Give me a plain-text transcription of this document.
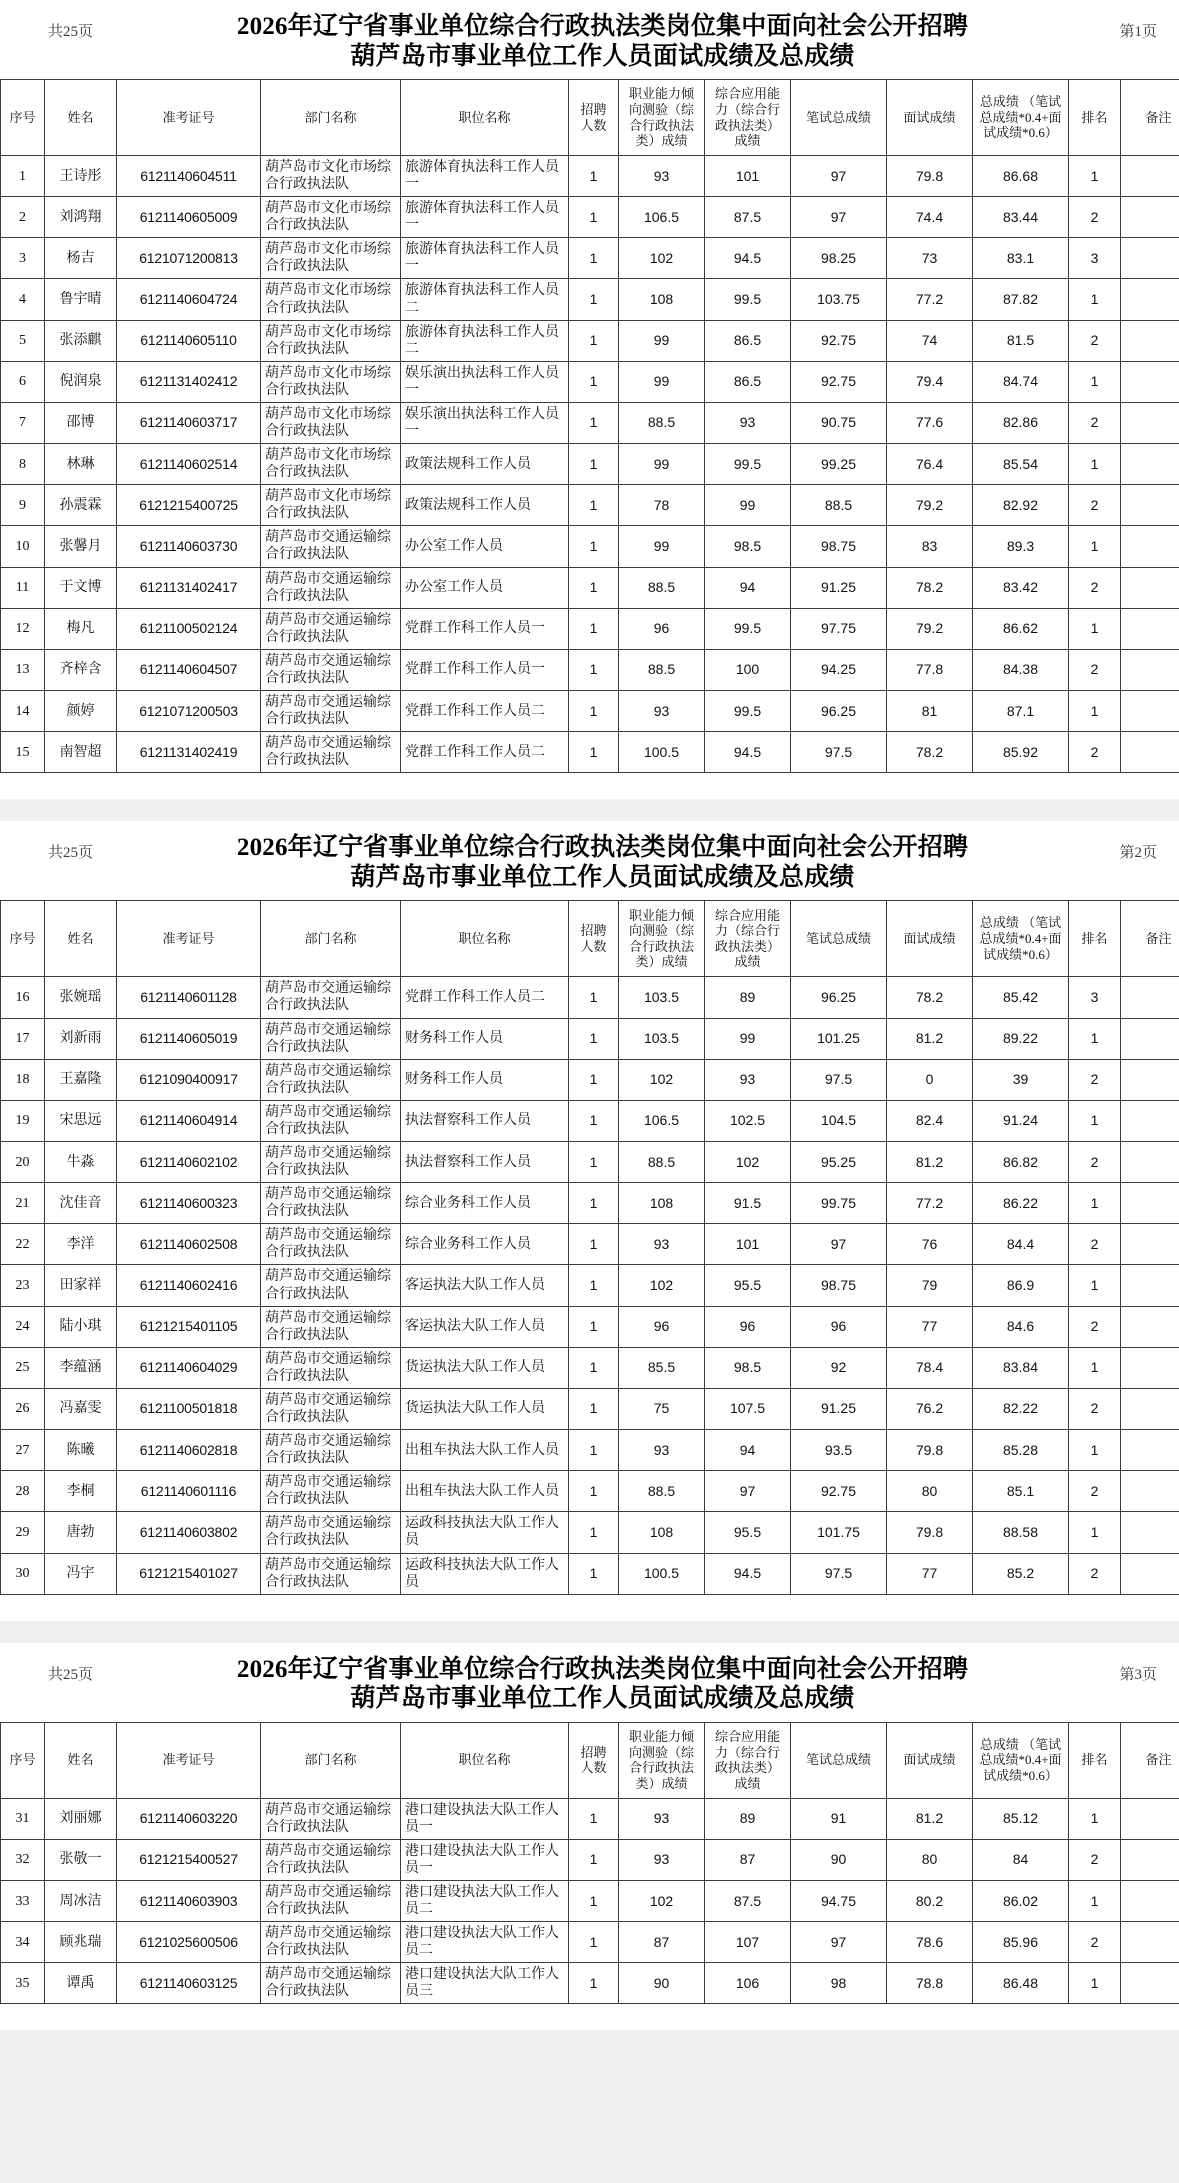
共25页	2026年辽宁省事业单位综合行政执法类岗位集中面向社会公开招聘
葫芦岛市事业单位工作人员面试成绩及总成绩
第1页
序号	姓名	准考证号	部门名称	职位名称	招聘 人数	职业能力倾向测验（综合行政执法类）成绩	综合应用能力（综合行政执法类）成绩	笔试总成绩	面试成绩	总成绩 （笔试总成绩*0.4+面试成绩*0.6）	排名	备注
1	王诗彤	6121140604511	葫芦岛市文化市场综合行政执法队	旅游体育执法科工作人员一	1	93	101	97	79.8	86.68	1	
2	刘鸿翔	6121140605009	葫芦岛市文化市场综合行政执法队	旅游体育执法科工作人员一	1	106.5	87.5	97	74.4	83.44	2	
3	杨吉	6121071200813	葫芦岛市文化市场综合行政执法队	旅游体育执法科工作人员一	1	102	94.5	98.25	73	83.1	3	
4	鲁宇晴	6121140604724	葫芦岛市文化市场综合行政执法队	旅游体育执法科工作人员二	1	108	99.5	103.75	77.2	87.82	1	
5	张添麒	6121140605110	葫芦岛市文化市场综合行政执法队	旅游体育执法科工作人员二	1	99	86.5	92.75	74	81.5	2	
6	倪润泉	6121131402412	葫芦岛市文化市场综合行政执法队	娱乐演出执法科工作人员一	1	99	86.5	92.75	79.4	84.74	1	
7	邵博	6121140603717	葫芦岛市文化市场综合行政执法队	娱乐演出执法科工作人员一	1	88.5	93	90.75	77.6	82.86	2	
8	林琳	6121140602514	葫芦岛市文化市场综合行政执法队	政策法规科工作人员	1	99	99.5	99.25	76.4	85.54	1	
9	孙震霖	6121215400725	葫芦岛市文化市场综合行政执法队	政策法规科工作人员	1	78	99	88.5	79.2	82.92	2	
10	张馨月	6121140603730	葫芦岛市交通运输综合行政执法队	办公室工作人员	1	99	98.5	98.75	83	89.3	1	
11	于文博	6121131402417	葫芦岛市交通运输综合行政执法队	办公室工作人员	1	88.5	94	91.25	78.2	83.42	2	
12	梅凡	6121100502124	葫芦岛市交通运输综合行政执法队	党群工作科工作人员一	1	96	99.5	97.75	79.2	86.62	1	
13	齐梓含	6121140604507	葫芦岛市交通运输综合行政执法队	党群工作科工作人员一	1	88.5	100	94.25	77.8	84.38	2	
14	颜婷	6121071200503	葫芦岛市交通运输综合行政执法队	党群工作科工作人员二	1	93	99.5	96.25	81	87.1	1	
15	南智超	6121131402419	葫芦岛市交通运输综合行政执法队	党群工作科工作人员二	1	100.5	94.5	97.5	78.2	85.92	2	
共25页	2026年辽宁省事业单位综合行政执法类岗位集中面向社会公开招聘
葫芦岛市事业单位工作人员面试成绩及总成绩
第2页
序号	姓名	准考证号	部门名称	职位名称	招聘 人数	职业能力倾向测验（综合行政执法类）成绩	综合应用能力（综合行政执法类）成绩	笔试总成绩	面试成绩	总成绩 （笔试总成绩*0.4+面试成绩*0.6）	排名	备注
16	张婉瑶	6121140601128	葫芦岛市交通运输综合行政执法队	党群工作科工作人员二	1	103.5	89	96.25	78.2	85.42	3	
17	刘新雨	6121140605019	葫芦岛市交通运输综合行政执法队	财务科工作人员	1	103.5	99	101.25	81.2	89.22	1	
18	王嘉隆	6121090400917	葫芦岛市交通运输综合行政执法队	财务科工作人员	1	102	93	97.5	0	39	2	
19	宋思远	6121140604914	葫芦岛市交通运输综合行政执法队	执法督察科工作人员	1	106.5	102.5	104.5	82.4	91.24	1	
20	牛淼	6121140602102	葫芦岛市交通运输综合行政执法队	执法督察科工作人员	1	88.5	102	95.25	81.2	86.82	2	
21	沈佳音	6121140600323	葫芦岛市交通运输综合行政执法队	综合业务科工作人员	1	108	91.5	99.75	77.2	86.22	1	
22	李洋	6121140602508	葫芦岛市交通运输综合行政执法队	综合业务科工作人员	1	93	101	97	76	84.4	2	
23	田家祥	6121140602416	葫芦岛市交通运输综合行政执法队	客运执法大队工作人员	1	102	95.5	98.75	79	86.9	1	
24	陆小琪	6121215401105	葫芦岛市交通运输综合行政执法队	客运执法大队工作人员	1	96	96	96	77	84.6	2	
25	李蕴涵	6121140604029	葫芦岛市交通运输综合行政执法队	货运执法大队工作人员	1	85.5	98.5	92	78.4	83.84	1	
26	冯嘉雯	6121100501818	葫芦岛市交通运输综合行政执法队	货运执法大队工作人员	1	75	107.5	91.25	76.2	82.22	2	
27	陈曦	6121140602818	葫芦岛市交通运输综合行政执法队	出租车执法大队工作人员	1	93	94	93.5	79.8	85.28	1	
28	李桐	6121140601116	葫芦岛市交通运输综合行政执法队	出租车执法大队工作人员	1	88.5	97	92.75	80	85.1	2	
29	唐勃	6121140603802	葫芦岛市交通运输综合行政执法队	运政科技执法大队工作人员	1	108	95.5	101.75	79.8	88.58	1	
30	冯宇	6121215401027	葫芦岛市交通运输综合行政执法队	运政科技执法大队工作人员	1	100.5	94.5	97.5	77	85.2	2	
共25页	2026年辽宁省事业单位综合行政执法类岗位集中面向社会公开招聘
葫芦岛市事业单位工作人员面试成绩及总成绩
第3页
序号	姓名	准考证号	部门名称	职位名称	招聘 人数	职业能力倾向测验（综合行政执法类）成绩	综合应用能力（综合行政执法类）成绩	笔试总成绩	面试成绩	总成绩 （笔试总成绩*0.4+面试成绩*0.6）	排名	备注
31	刘丽娜	6121140603220	葫芦岛市交通运输综合行政执法队	港口建设执法大队工作人员一	1	93	89	91	81.2	85.12	1	
32	张敬一	6121215400527	葫芦岛市交通运输综合行政执法队	港口建设执法大队工作人员一	1	93	87	90	80	84	2	
33	周冰洁	6121140603903	葫芦岛市交通运输综合行政执法队	港口建设执法大队工作人员二	1	102	87.5	94.75	80.2	86.02	1	
34	顾兆瑞	6121025600506	葫芦岛市交通运输综合行政执法队	港口建设执法大队工作人员二	1	87	107	97	78.6	85.96	2	
35	谭禹	6121140603125	葫芦岛市交通运输综合行政执法队	港口建设执法大队工作人员三	1	90	106	98	78.8	86.48	1	
